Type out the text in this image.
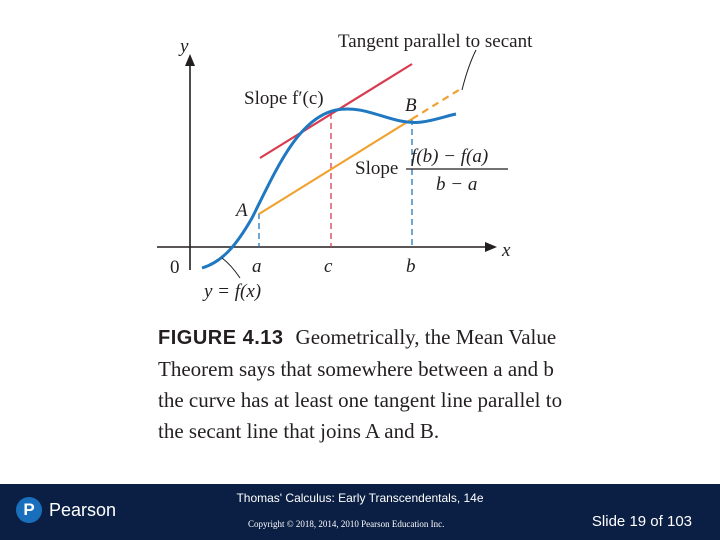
y
x
0	a	c	b
A
B
y = f(x)
Tangent parallel to secant
Slope f′(c)
Slope
f(b) − f(a)
b − a
FIGURE 4.13 Geometrically, the Mean Value Theorem says that somewhere between a and b the curve has at least one tangent line parallel to the secant line that joins A and B.
P Pearson
Thomas' Calculus: Early Transcendentals, 14e
Copyright © 2018, 2014, 2010 Pearson Education Inc.	Slide 19 of 103
